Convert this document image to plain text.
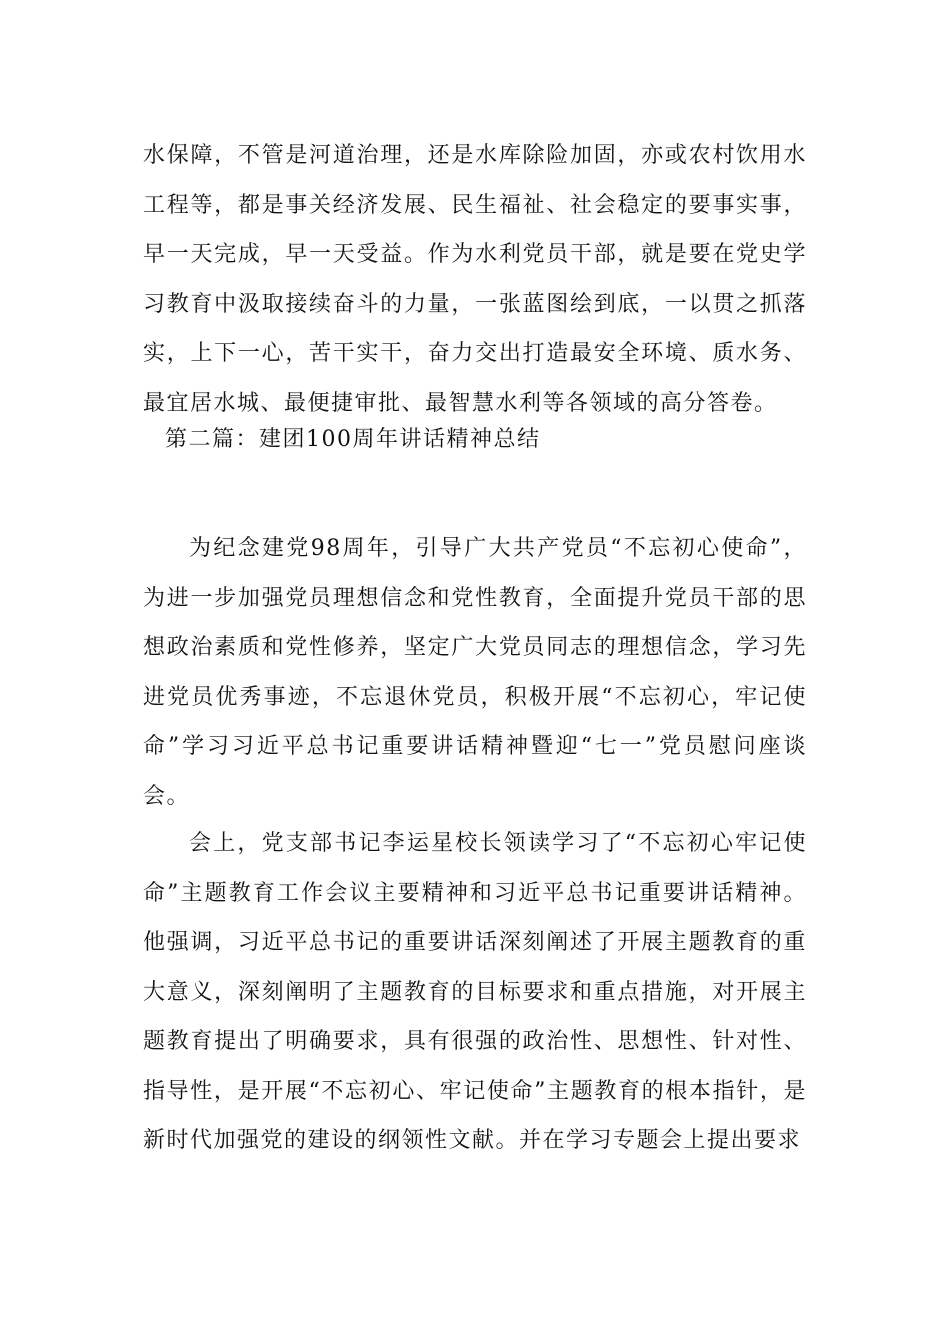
水保障，不管是河道治理，还是水库除险加固，亦或农村饮用水工程等，都是事关经济发展、民生福祉、社会稳定的要事实事，早一天完成，早一天受益。作为水利党员干部，就是要在党史学习教育中汲取接续奋斗的力量，一张蓝图绘到底，一以贯之抓落实，上下一心，苦干实干，奋力交出打造最安全环境、质水务、最宜居水城、最便捷审批、最智慧水利等各领域的高分答卷。

第二篇：建团100周年讲话精神总结

为纪念建党98周年，引导广大共产党员“不忘初心使命”，为进一步加强党员理想信念和党性教育，全面提升党员干部的思想政治素质和党性修养，坚定广大党员同志的理想信念，学习先进党员优秀事迹，不忘退休党员，积极开展“不忘初心，牢记使命”学习习近平总书记重要讲话精神暨迎“七一”党员慰问座谈会。

会上，党支部书记李运星校长领读学习了“不忘初心牢记使命”主题教育工作会议主要精神和习近平总书记重要讲话精神。他强调，习近平总书记的重要讲话深刻阐述了开展主题教育的重大意义，深刻阐明了主题教育的目标要求和重点措施，对开展主题教育提出了明确要求，具有很强的政治性、思想性、针对性、指导性，是开展“不忘初心、牢记使命”主题教育的根本指针，是新时代加强党的建设的纲领性文献。并在学习专题会上提出要求
